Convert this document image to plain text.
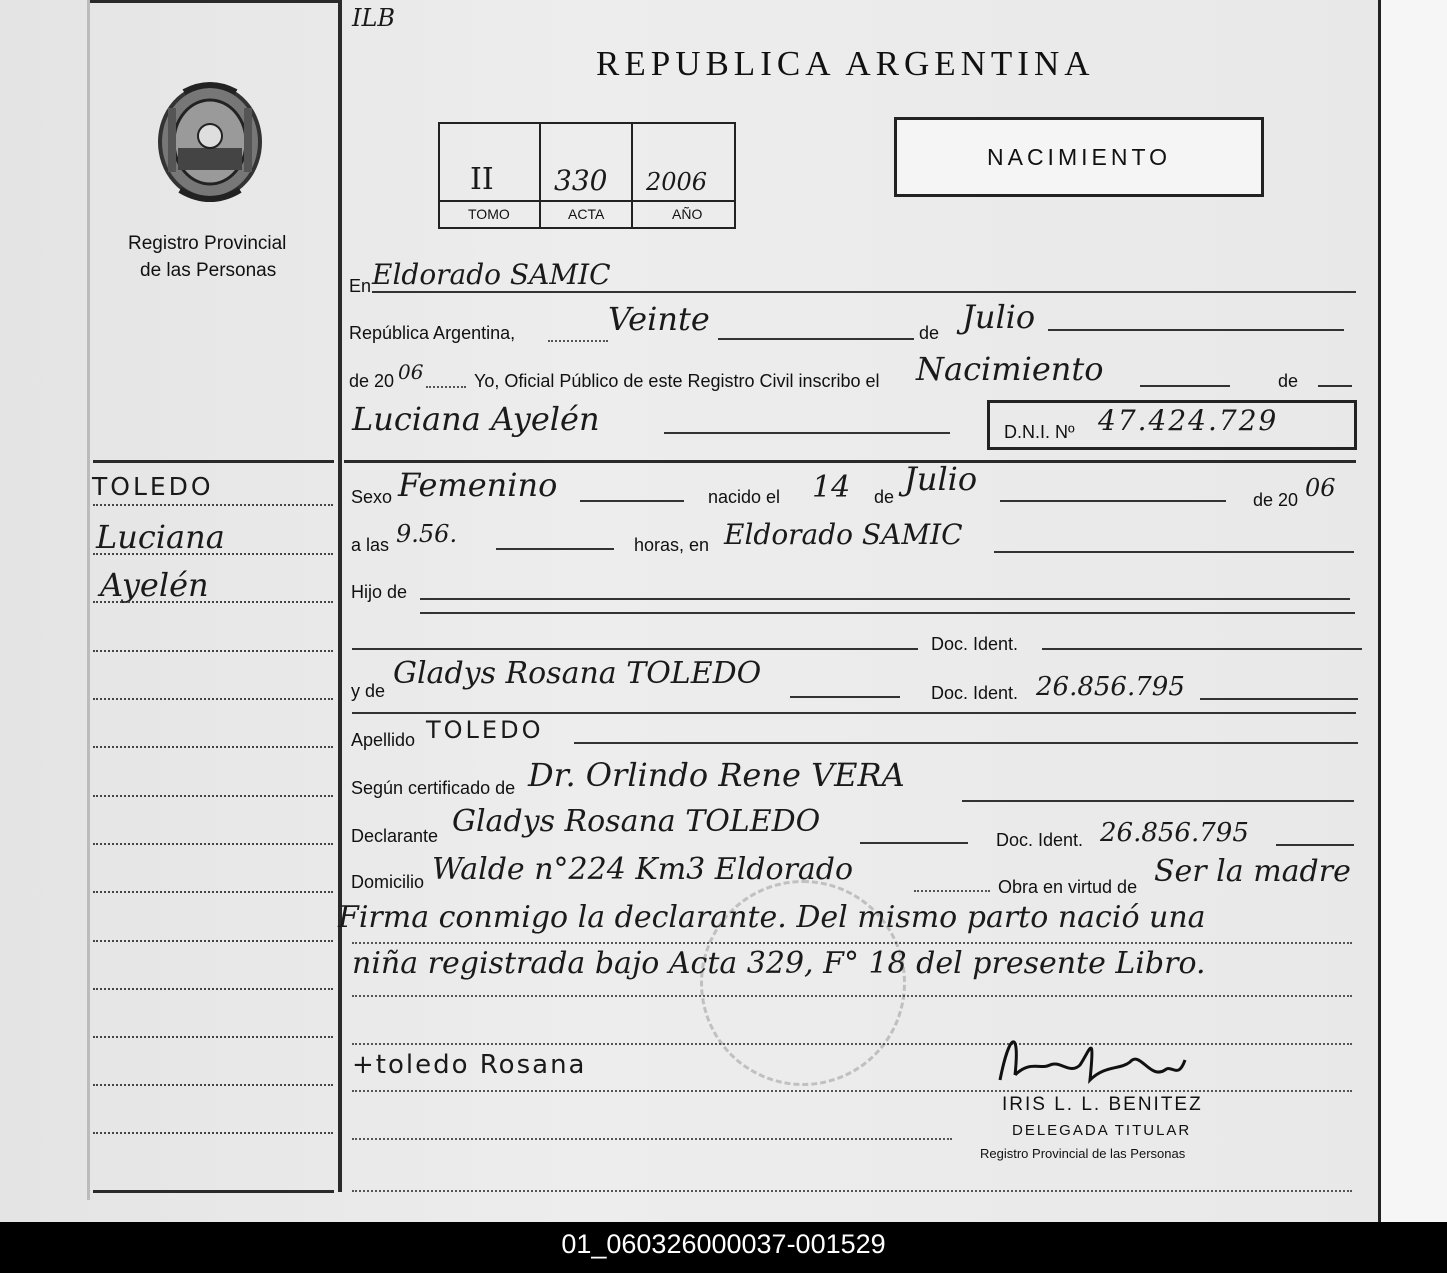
ILB
REPUBLICA ARGENTINA
Registro Provincial
de las Personas
II
TOMO
330
ACTA
2006
AÑO
NACIMIENTO
TOLEDO
Luciana
Ayelén
En Eldorado SAMIC
República Argentina,	Veinte	de Julio
de 20 06	Yo, Oficial Público de este Registro Civil inscribo el Nacimiento	de
Luciana Ayelén	D.N.I. Nº 47.424.729
Sexo Femenino	nacido el 14 de Julio
de 20 06
a las 9.56.	horas, en Eldorado SAMIC
Hijo de
Doc. Ident.
y de Gladys Rosana TOLEDO
Doc. Ident. 26.856.795
Apellido TOLEDO
Según certificado de Dr. Orlindo Rene VERA
Declarante Gladys Rosana TOLEDO
Doc. Ident. 26.856.795
Domicilio Walde n°224 Km3 Eldorado	Obra en virtud de Ser la madre
Firma conmigo la declarante. Del mismo parto nació una
niña registrada bajo Acta 329, F° 18 del presente Libro.
+toledo Rosana
IRIS L. L. BENITEZ
DELEGADA TITULAR
Registro Provincial de las Personas
01_060326000037-001529
